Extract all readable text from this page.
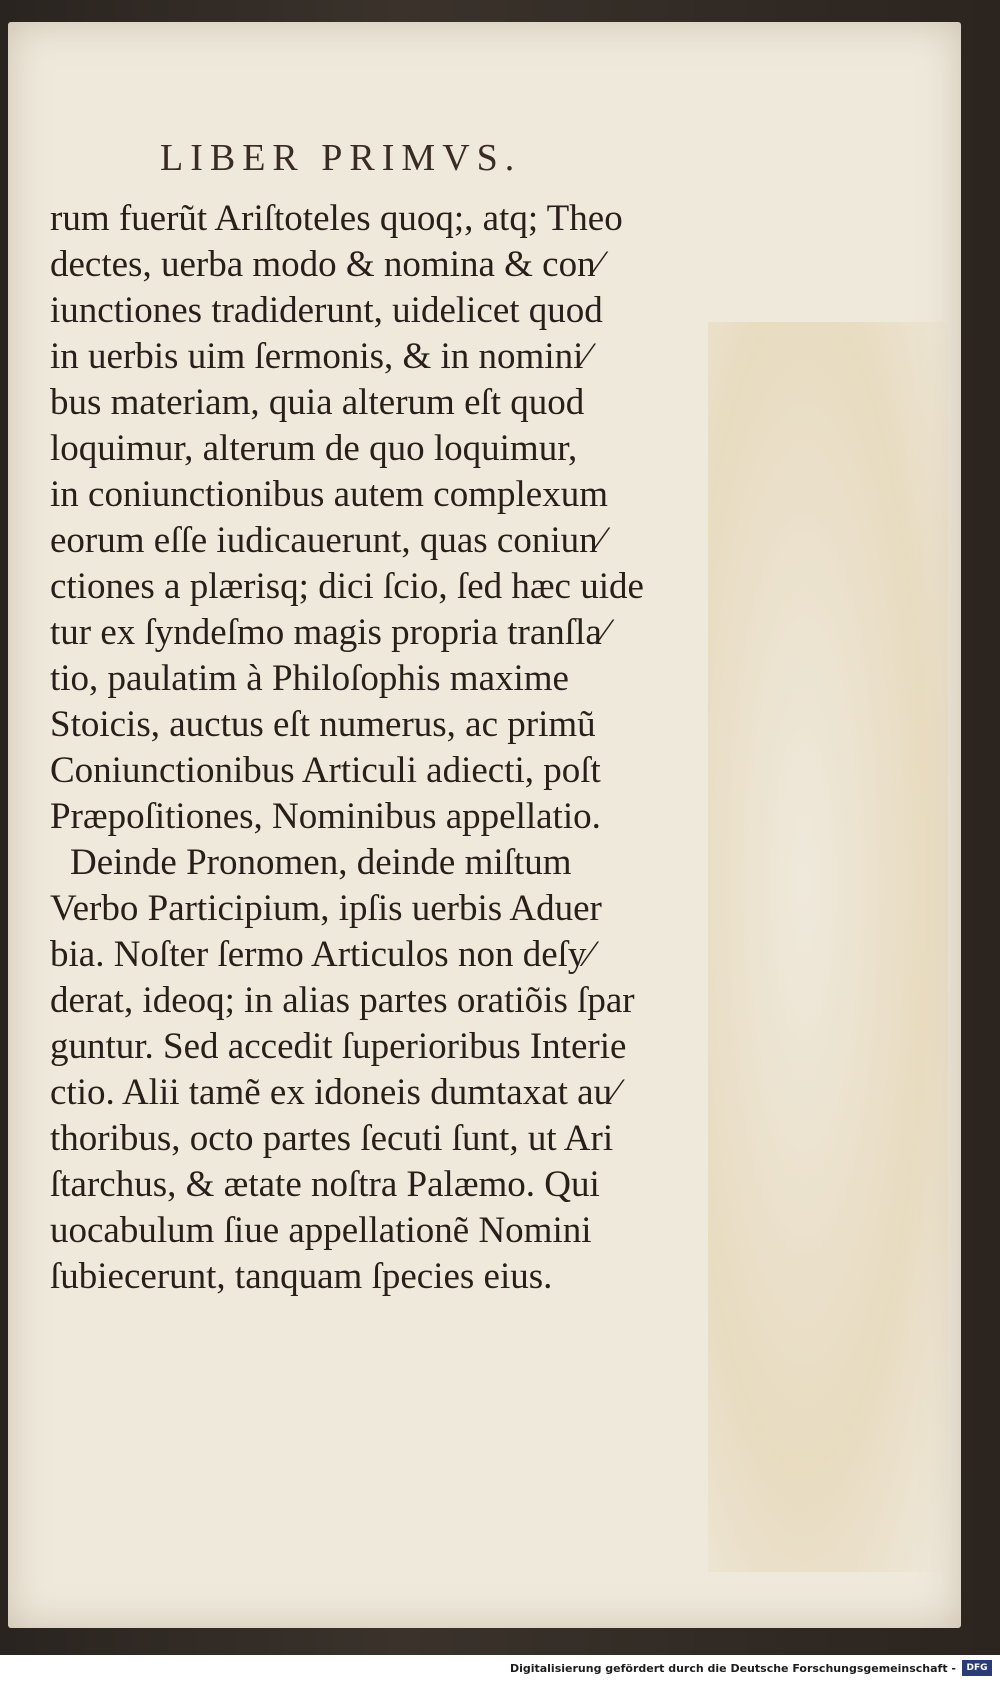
LIBER PRIMVS.
rum fuerũt Ariſtoteles quoq;, atq; Theo
dectes, uerba modo & nomina & con⁄
iunctiones tradiderunt, uidelicet quod
in uerbis uim ſermonis, & in nomini⁄
bus materiam, quia alterum eſt quod
loquimur, alterum de quo loquimur,
in coniunctionibus autem complexum
eorum eſſe iudicauerunt, quas coniun⁄
ctiones a plærisq; dici ſcio, ſed hæc uide
tur ex ſyndeſmo magis propria tranſla⁄
tio, paulatim à Philoſophis maxime
Stoicis, auctus eſt numerus, ac primũ
Coniunctionibus Articuli adiecti, poſt
Præpoſitiones, Nominibus appellatio.
Deinde Pronomen, deinde miſtum
Verbo Participium, ipſis uerbis Aduer
bia. Noſter ſermo Articulos non deſy⁄
derat, ideoq; in alias partes oratiõis ſpar
guntur. Sed accedit ſuperioribus Interie
ctio. Alii tamẽ ex idoneis dumtaxat au⁄
thoribus, octo partes ſecuti ſunt, ut Ari
ſtarchus, & ætate noſtra Palæmo. Qui
uocabulum ſiue appellationẽ Nomini
ſubiecerunt, tanquam ſpecies eius.
Digitalisierung gefördert durch die Deutsche Forschungsgemeinschaft -	DFG
